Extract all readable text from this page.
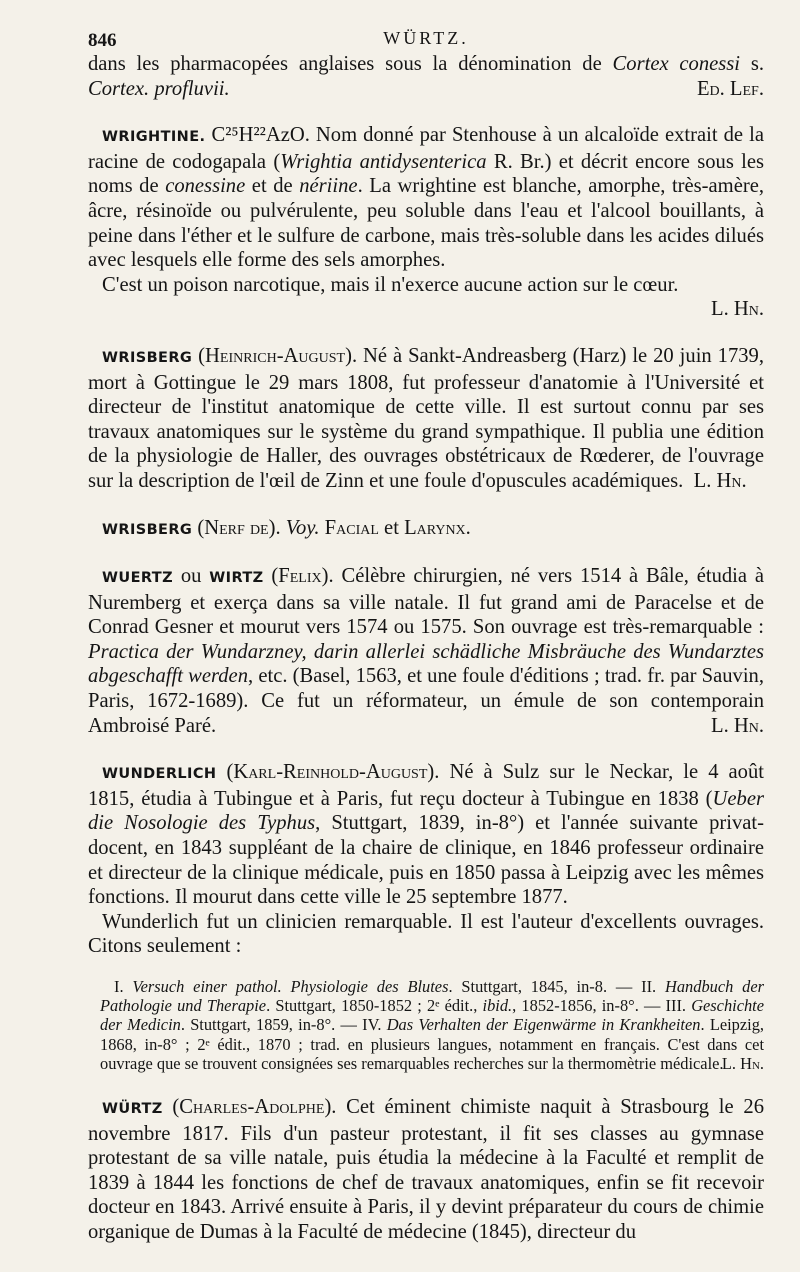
846	WÜRTZ.

dans les pharmacopées anglaises sous la dénomination de Cortex conessi s. Cortex. profluvii.	Ed. Lef.

WRIGHTINE. C²⁵H²²AzO. Nom donné par Stenhouse à un alcaloïde extrait de la racine de codogapala (Wrightia antidysenterica R. Br.) et décrit encore sous les noms de conessine et de nériine. La wrightine est blanche, amorphe, très-amère, âcre, résinoïde ou pulvérulente, peu soluble dans l'eau et l'alcool bouillants, à peine dans l'éther et le sulfure de carbone, mais très-soluble dans les acides dilués avec lesquels elle forme des sels amorphes.

C'est un poison narcotique, mais il n'exerce aucune action sur le cœur.

L. Hn.

WRISBERG (Heinrich-August). Né à Sankt-Andreasberg (Harz) le 20 juin 1739, mort à Gottingue le 29 mars 1808, fut professeur d'anatomie à l'Université et directeur de l'institut anatomique de cette ville. Il est surtout connu par ses travaux anatomiques sur le système du grand sympathique. Il publia une édition de la physiologie de Haller, des ouvrages obstétricaux de Rœderer, de l'ouvrage sur la description de l'œil de Zinn et une foule d'opuscules académiques. L. Hn.

WRISBERG (Nerf de). Voy. Facial et Larynx.

WUERTZ ou WIRTZ (Felix). Célèbre chirurgien, né vers 1514 à Bâle, étudia à Nuremberg et exerça dans sa ville natale. Il fut grand ami de Paracelse et de Conrad Gesner et mourut vers 1574 ou 1575. Son ouvrage est très-remarquable : Practica der Wundarzney, darin allerlei schädliche Misbräuche des Wundarztes abgeschafft werden, etc. (Basel, 1563, et une foule d'éditions ; trad. fr. par Sauvin, Paris, 1672-1689). Ce fut un réformateur, un émule de son contemporain Ambroisé Paré.	L. Hn.

WUNDERLICH (Karl-Reinhold-August). Né à Sulz sur le Neckar, le 4 août 1815, étudia à Tubingue et à Paris, fut reçu docteur à Tubingue en 1838 (Ueber die Nosologie des Typhus, Stuttgart, 1839, in-8°) et l'année suivante privat-docent, en 1843 suppléant de la chaire de clinique, en 1846 professeur ordinaire et directeur de la clinique médicale, puis en 1850 passa à Leipzig avec les mêmes fonctions. Il mourut dans cette ville le 25 septembre 1877.

Wunderlich fut un clinicien remarquable. Il est l'auteur d'excellents ouvrages. Citons seulement :

I. Versuch einer pathol. Physiologie des Blutes. Stuttgart, 1845, in-8. — II. Handbuch der Pathologie und Therapie. Stuttgart, 1850-1852 ; 2ᵉ édit., ibid., 1852-1856, in-8°. — III. Geschichte der Medicin. Stuttgart, 1859, in-8°. — IV. Das Verhalten der Eigenwärme in Krankheiten. Leipzig, 1868, in-8° ; 2ᵉ édit., 1870 ; trad. en plusieurs langues, notamment en français. C'est dans cet ouvrage que se trouvent consignées ses remarquables recherches sur la thermomètrie médicale.

L. Hn.

WÜRTZ (Charles-Adolphe). Cet éminent chimiste naquit à Strasbourg le 26 novembre 1817. Fils d'un pasteur protestant, il fit ses classes au gymnase protestant de sa ville natale, puis étudia la médecine à la Faculté et remplit de 1839 à 1844 les fonctions de chef de travaux anatomiques, enfin se fit recevoir docteur en 1843. Arrivé ensuite à Paris, il y devint préparateur du cours de chimie organique de Dumas à la Faculté de médecine (1845), directeur du
